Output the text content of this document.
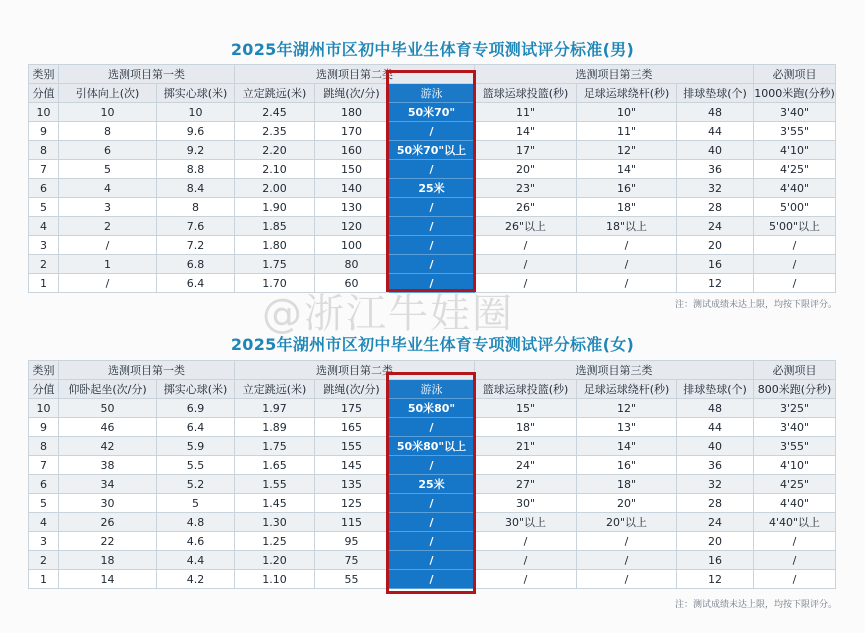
2025年湖州市区初中毕业生体育专项测试评分标准(男)
类别	选测项目第一类		选测项目第二类			选测项目第三类			必测项目
分值	引体向上(次)	掷实心球(米)	立定跳远(米)	跳绳(次/分)	游泳	篮球运球投篮(秒)	足球运球绕杆(秒)	排球垫球(个)	1000米跑(分秒)
10	10	10	2.45	180	50米70"	11"	10"	48	3'40"
9	8	9.6	2.35	170	/	14"	11"	44	3'55"
8	6	9.2	2.20	160	50米70"以上	17"	12"	40	4'10"
7	5	8.8	2.10	150	/	20"	14"	36	4'25"
6	4	8.4	2.00	140	25米	23"	16"	32	4'40"
5	3	8	1.90	130	/	26"	18"	28	5'00"
4	2	7.6	1.85	120	/	26"以上	18"以上	24	5'00"以上
3	/	7.2	1.80	100	/	/	/	20	/
2	1	6.8	1.75	80	/	/	/	16	/
1	/	6.4	1.70	60	/	/	/	12	/
注：测试成绩未达上限，均按下限评分。
2025年湖州市区初中毕业生体育专项测试评分标准(女)
类别	选测项目第一类		选测项目第二类			选测项目第三类			必测项目
分值	仰卧起坐(次/分)	掷实心球(米)	立定跳远(米)	跳绳(次/分)	游泳	篮球运球投篮(秒)	足球运球绕杆(秒)	排球垫球(个)	800米跑(分秒)
10	50	6.9	1.97	175	50米80"	15"	12"	48	3'25"
9	46	6.4	1.89	165	/	18"	13"	44	3'40"
8	42	5.9	1.75	155	50米80"以上	21"	14"	40	3'55"
7	38	5.5	1.65	145	/	24"	16"	36	4'10"
6	34	5.2	1.55	135	25米	27"	18"	32	4'25"
5	30	5	1.45	125	/	30"	20"	28	4'40"
4	26	4.8	1.30	115	/	30"以上	20"以上	24	4'40"以上
3	22	4.6	1.25	95	/	/	/	20	/
2	18	4.4	1.20	75	/	/	/	16	/
1	14	4.2	1.10	55	/	/	/	12	/
注：测试成绩未达上限，均按下限评分。
@浙江牛娃圈
